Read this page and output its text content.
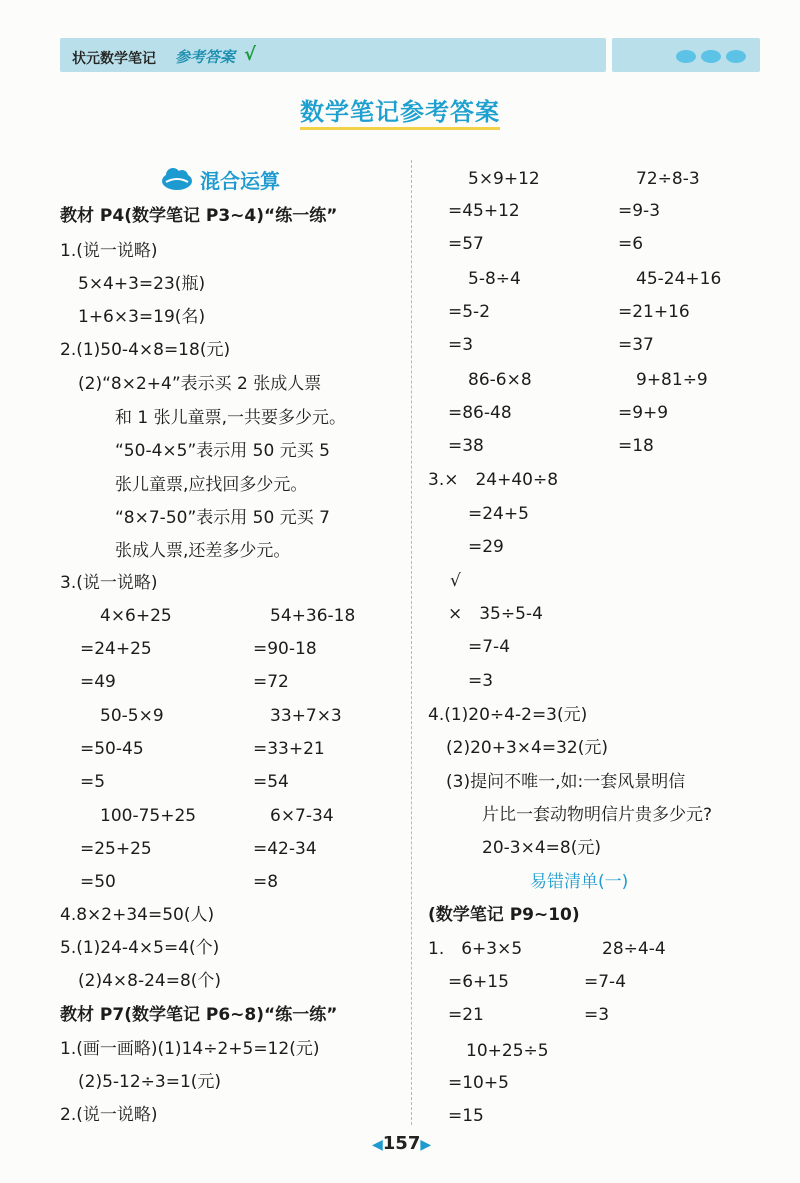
状元数学笔记 参考答案 √
数学笔记参考答案
混合运算
教材 P4(数学笔记 P3~4)“练一练”
1.(说一说略)
5×4+3=23(瓶)
1+6×3=19(名)
2.(1)50-4×8=18(元)
(2)“8×2+4”表示买 2 张成人票
和 1 张儿童票,一共要多少元。
“50-4×5”表示用 50 元买 5
张儿童票,应找回多少元。
“8×7-50”表示用 50 元买 7
张成人票,还差多少元。
3.(说一说略)
4×6+25	54+36-18
=24+25	=90-18
=49	=72
50-5×9	33+7×3
=50-45	=33+21
=5	=54
100-75+25	6×7-34
=25+25	=42-34
=50	=8
4.8×2+34=50(人)
5.(1)24-4×5=4(个)
(2)4×8-24=8(个)
教材 P7(数学笔记 P6~8)“练一练”
1.(画一画略)(1)14÷2+5=12(元)
(2)5-12÷3=1(元)
2.(说一说略)
5×9+12	72÷8-3
=45+12	=9-3
=57	=6
5-8÷4	45-24+16
=5-2	=21+16
=3	=37
86-6×8	9+81÷9
=86-48	=9+9
=38	=18
3.×　24+40÷8
=24+5
=29
√
×　35÷5-4
=7-4
=3
4.(1)20÷4-2=3(元)
(2)20+3×4=32(元)
(3)提问不唯一,如:一套风景明信
片比一套动物明信片贵多少元?
20-3×4=8(元)
易错清单(一)
(数学笔记 P9~10)
1.　6+3×5	28÷4-4
=6+15	=7-4
=21	=3
10+25÷5
=10+5
=15
◀157▶
